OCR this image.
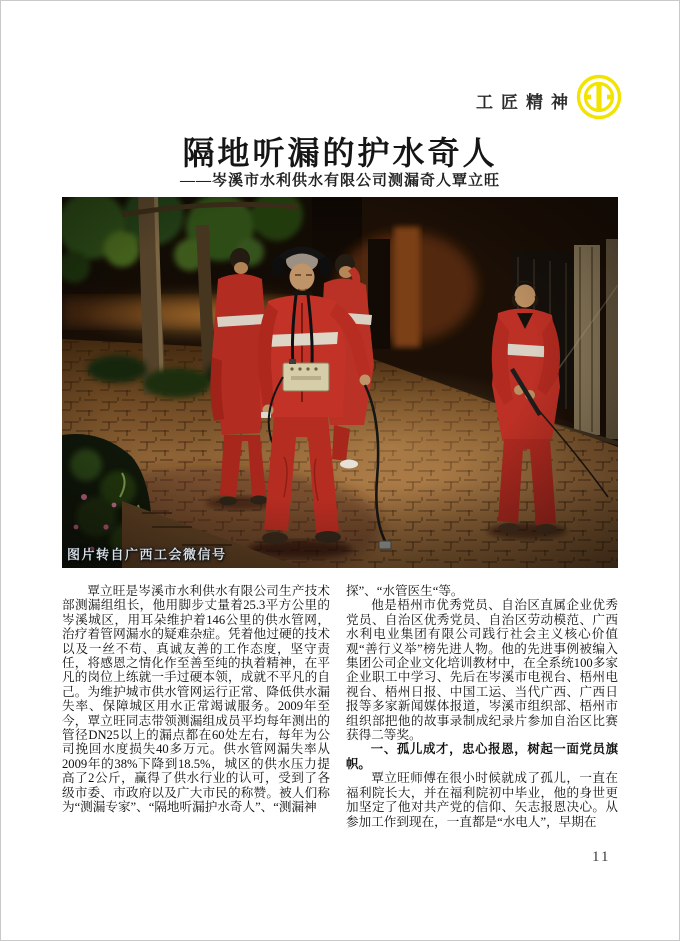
工匠精神
隔地听漏的护水奇人
——岑溪市水利供水有限公司测漏奇人覃立旺
图片转自广西工会微信号

覃立旺是岑溪市水利供水有限公司生产技术部测漏组组长，他用脚步丈量着25.3平方公里的岑溪城区，用耳朵维护着146公里的供水管网，治疗着管网漏水的疑难杂症。凭着他过硬的技术以及一丝不苟、真诚友善的工作态度，坚守责任，将感恩之情化作至善至纯的执着精神，在平凡的岗位上练就一手过硬本领，成就不平凡的自己。为维护城市供水管网运行正常、降低供水漏失率、保障城区用水正常竭诚服务。2009年至今，覃立旺同志带领测漏组成员平均每年测出的管径DN25以上的漏点都在60处左右，每年为公司挽回水度损失40多万元。供水管网漏失率从2009年的38%下降到18.5%，城区的供水压力提高了2公斤，赢得了供水行业的认可，受到了各级市委、市政府以及广大市民的称赞。被人们称为“测漏专家”、“隔地听漏护水奇人”、“测漏神

探”、“水管医生“等。

他是梧州市优秀党员、自治区直属企业优秀党员、自治区优秀党员、自治区劳动模范、广西水利电业集团有限公司践行社会主义核心价值观“善行义举”榜先进人物。他的先进事例被编入集团公司企业文化培训教材中，在全系统100多家企业职工中学习、先后在岑溪市电视台、梧州电视台、梧州日报、中国工运、当代广西、广西日报等多家新闻媒体报道，岑溪市组织部、梧州市组织部把他的故事录制成纪录片参加自治区比赛获得二等奖。

一、孤儿成才，忠心报恩，树起一面党员旗帜。

覃立旺师傅在很小时候就成了孤儿，一直在福利院长大，并在福利院初中毕业，他的身世更加坚定了他对共产党的信仰、矢志报恩决心。从参加工作到现在，一直都是“水电人”，早期在

11
